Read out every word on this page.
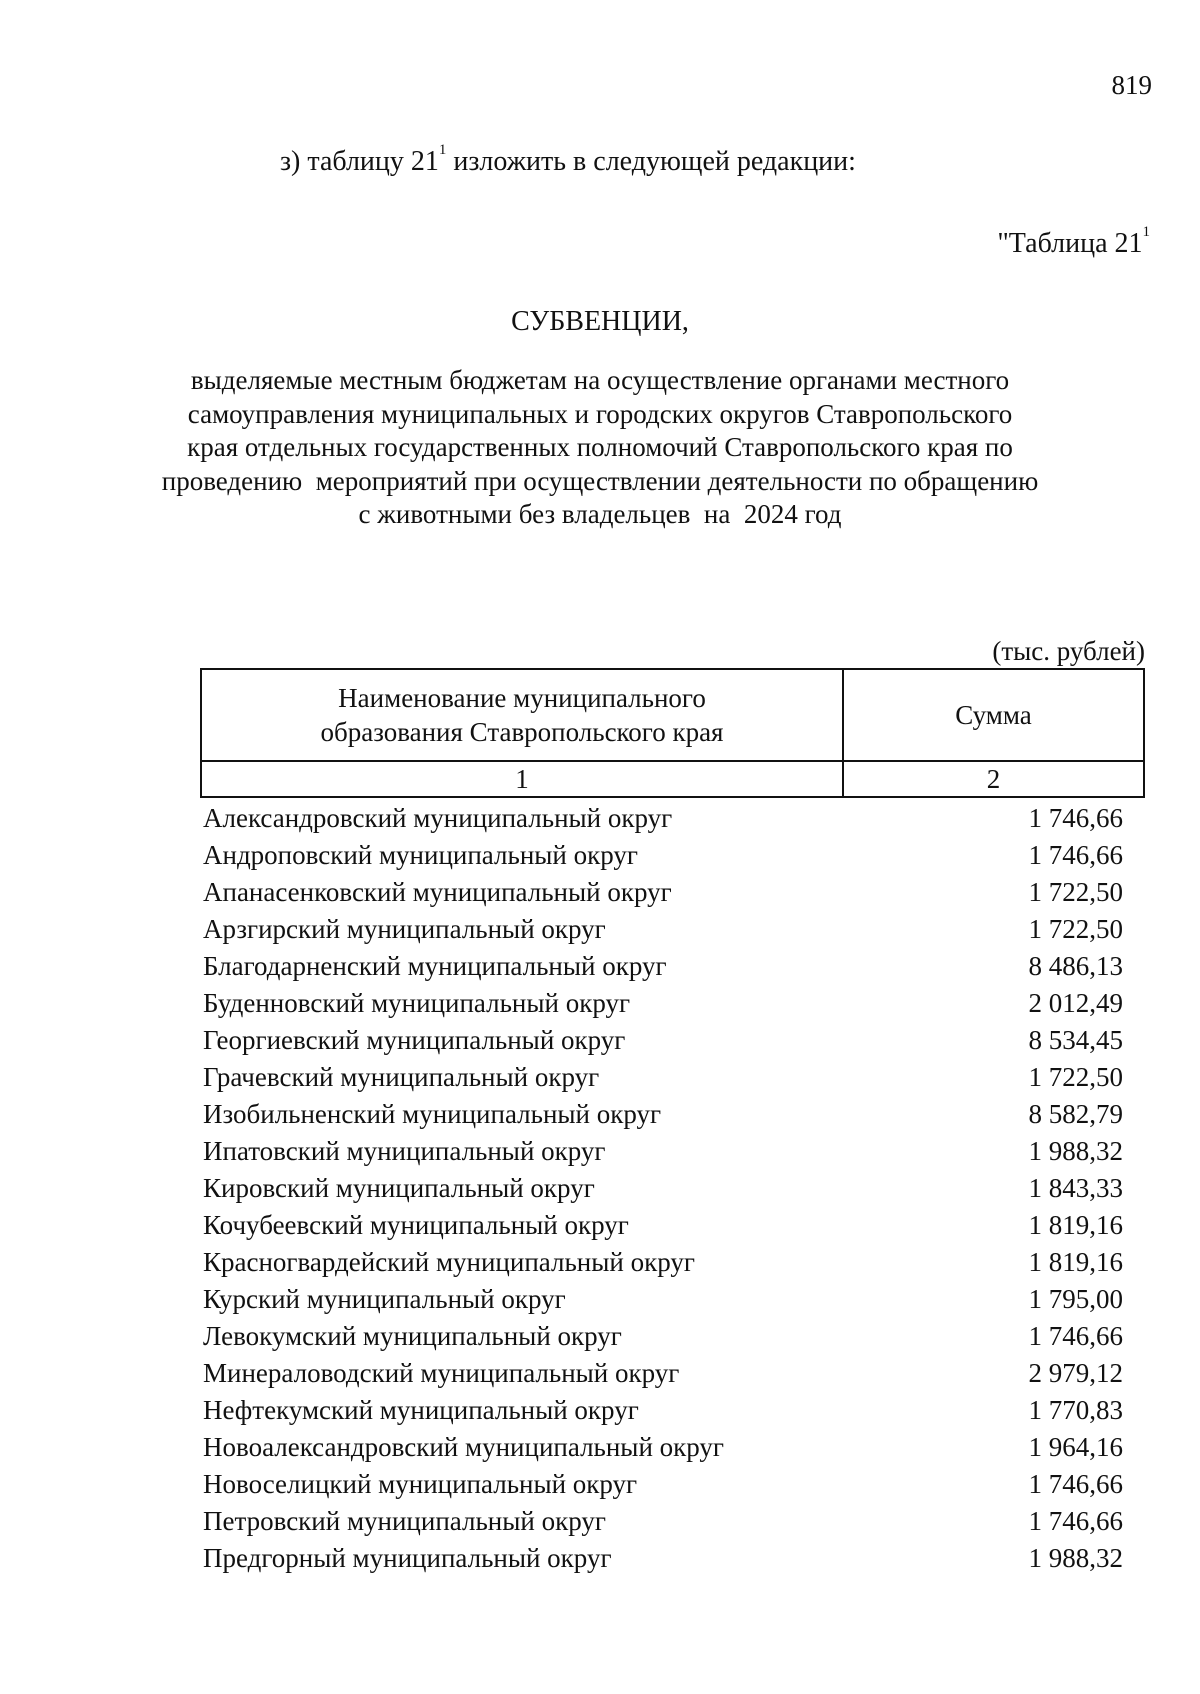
819
з) таблицу $21^1$ изложить в следующей редакции:
"Таблица $21^1$
СУБВЕНЦИИ,
выделяемые местным бюджетам на осуществление органами местного
самоуправления муниципальных и городских округов Ставропольского
края отдельных государственных полномочий Ставропольского края по
проведению  мероприятий при осуществлении деятельности по обращению
с животными без владельцев  на  2024 год
(тыс. рублей)
Наименование муниципального
образования Ставропольского края	Сумма
1	2
Александровский муниципальный округ	1 746,66
Андроповский муниципальный округ	1 746,66
Апанасенковский муниципальный округ	1 722,50
Арзгирский муниципальный округ	1 722,50
Благодарненский муниципальный округ	8 486,13
Буденновский муниципальный округ	2 012,49
Георгиевский муниципальный округ	8 534,45
Грачевский муниципальный округ	1 722,50
Изобильненский муниципальный округ	8 582,79
Ипатовский муниципальный округ	1 988,32
Кировский муниципальный округ	1 843,33
Кочубеевский муниципальный округ	1 819,16
Красногвардейский муниципальный округ	1 819,16
Курский муниципальный округ	1 795,00
Левокумский муниципальный округ	1 746,66
Минераловодский муниципальный округ	2 979,12
Нефтекумский муниципальный округ	1 770,83
Новоалександровский муниципальный округ	1 964,16
Новоселицкий муниципальный округ	1 746,66
Петровский муниципальный округ	1 746,66
Предгорный муниципальный округ	1 988,32
